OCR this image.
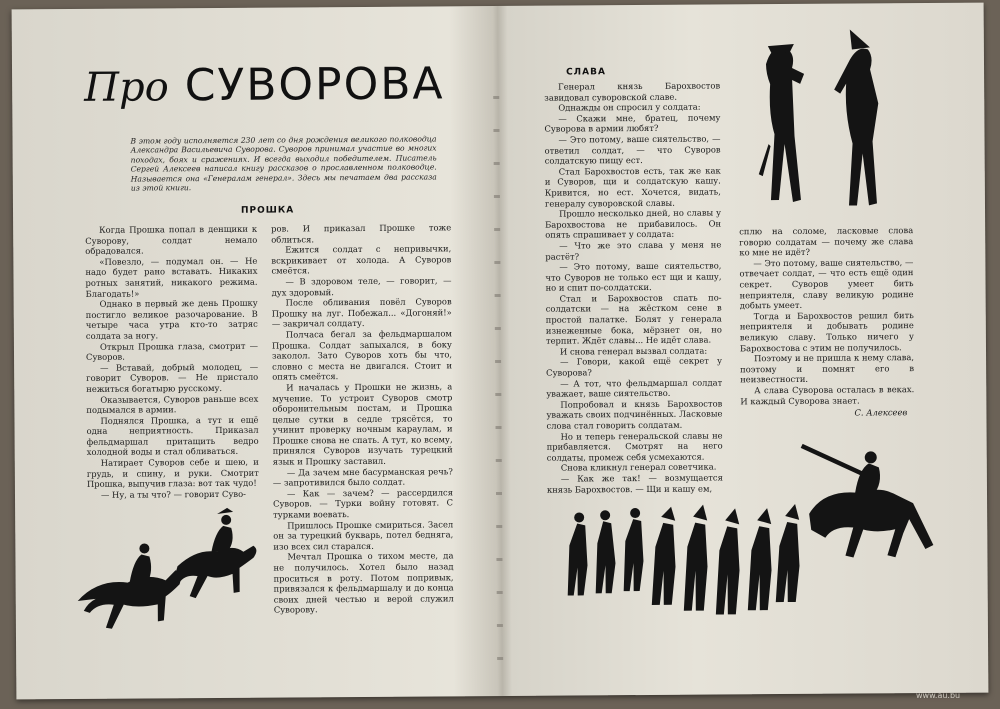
Про СУВОРОВА
В этом году исполняется 230 лет со дня рождения великого полководца Александра Васильевича Суворова. Суворов принимал участие во многих походах, боях и сражениях. И всегда выходил победителем. Писатель Сергей Алексеев написал книгу рассказов о прославленном полководце. Называется она «Генералам генерал». Здесь мы печатаем два рассказа из этой книги.
ПРОШКА

Когда Прошка попал в денщики к Суворову, солдат немало обрадовался.

«Повезло, — подумал он. — Не надо будет рано вставать. Никаких ротных занятий, никакого режима. Благодать!»

Однако в первый же день Прошку постигло великое разочарование. В четыре часа утра кто-то затряс солдата за ногу.

Открыл Прошка глаза, смотрит — Суворов.

— Вставай, добрый молодец, — говорит Суворов. — Не пристало нежиться богатырю русскому.

Оказывается, Суворов раньше всех подымался в армии.

Поднялся Прошка, а тут и ещё одна неприятность. Приказал фельдмаршал притащить ведро холодной воды и стал обливаться.

Натирает Суворов себе и шею, и грудь, и спину, и руки. Смотрит Прошка, выпучив глаза: вот так чудо!

— Ну, а ты что? — говорит Суво-

ров. И приказал Прошке тоже облиться.

Ежится солдат с непривычки, вскрикивает от холода. А Суворов смеётся.

— В здоровом теле, — говорит, — дух здоровый.

После обливания повёл Суворов Прошку на луг. Побежал... «Догоняй!» — закричал солдату.

Полчаса бегал за фельдмаршалом Прошка. Солдат запыхался, в боку заколол. Зато Суворов хоть бы что, словно с места не двигался. Стоит и опять смеётся.

И началась у Прошки не жизнь, а мучение. То устроит Суворов смотр оборонительным постам, и Прошка целые сутки в седле трясётся, то учинит проверку ночным караулам, и Прошке снова не спать. А тут, ко всему, принялся Суворов изучать турецкий язык и Прошку заставил.

— Да зачем мне басурманская речь? — запротивился было солдат.

— Как — зачем? — рассердился Суворов. — Турки войну готовят. С турками воевать.

Пришлось Прошке смириться. Засел он за турецкий букварь, потел бедняга, изо всех сил старался.

Мечтал Прошка о тихом месте, да не получилось. Хотел было назад проситься в роту. Потом попривык, привязался к фельдмаршалу и до конца своих дней честью и верой служил Суворову.

СЛАВА

Генерал князь Барохвостов завидовал суворовской славе.

Однажды он спросил у солдата:

— Скажи мне, братец, почему Суворова в армии любят?

— Это потому, ваше сиятельство, — ответил солдат, — что Суворов солдатскую пищу ест.

Стал Барохвостов есть, так же как и Суворов, щи и солдатскую кашу. Кривится, но ест. Хочется, видать, генералу суворовской славы.

Прошло несколько дней, но славы у Барохвостова не прибавилось. Он опять спрашивает у солдата:

— Что же это слава у меня не растёт?

— Это потому, ваше сиятельство, что Суворов не только ест щи и кашу, но и спит по-солдатски.

Стал и Барохвостов спать по-солдатски — на жёстком сене в простой палатке. Болят у генерала изнеженные бока, мёрзнет он, но терпит. Ждёт славы... Не идёт слава.

И снова генерал вызвал солдата:

— Говори, какой ещё секрет у Суворова?

— А тот, что фельдмаршал солдат уважает, ваше сиятельство.

Попробовал и князь Барохвостов уважать своих подчинённых. Ласковые слова стал говорить солдатам.

Но и теперь генеральской славы не прибавляется. Смотрят на него солдаты, промеж себя усмехаются.

Снова кликнул генерал советчика.

— Как же так! — возмущается князь Барохвостов. — Щи и кашу ем,

сплю на соломе, ласковые слова говорю солдатам — почему же слава ко мне не идёт?

— Это потому, ваше сиятельство, — отвечает солдат, — что есть ещё один секрет. Суворов умеет бить неприятеля, славу великую родине добыть умеет.

Тогда и Барохвостов решил бить неприятеля и добывать родине великую славу. Только ничего у Барохвостова с этим не получилось.

Поэтому и не пришла к нему слава, поэтому и помнят его в неизвестности.

А слава Суворова осталась в веках. И каждый Суворова знает.

С. Алексеев
www.au.bu
